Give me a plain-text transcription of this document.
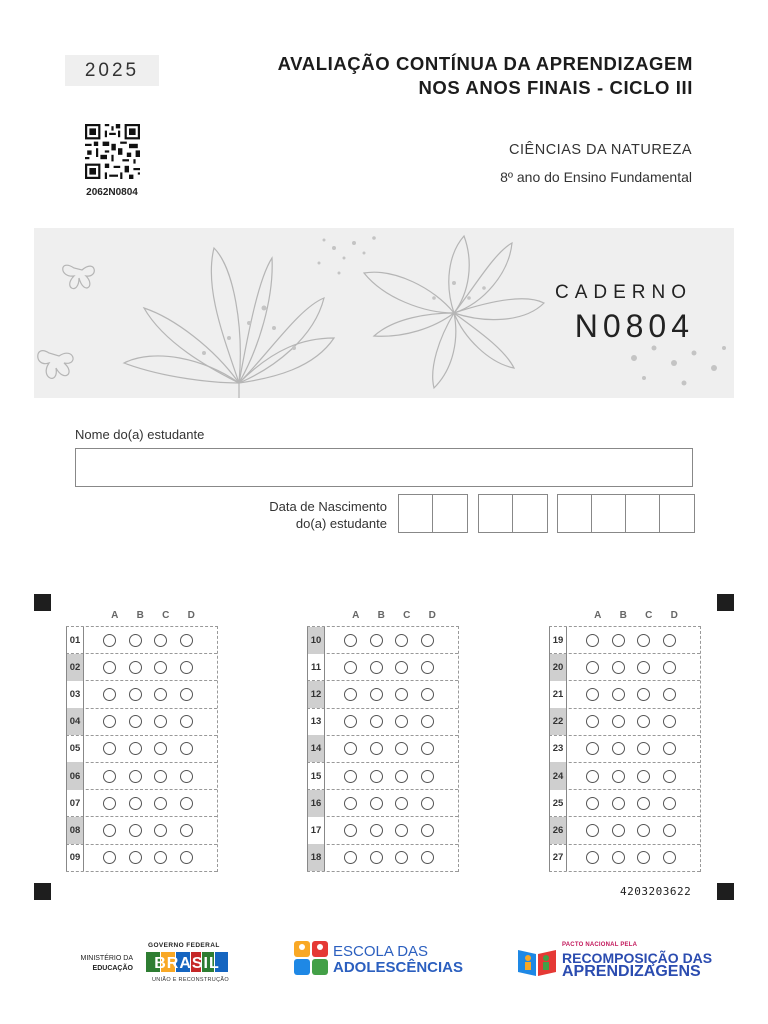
2025	AVALIAÇÃO CONTÍNUA DA APRENDIZAGEM
NOS ANOS FINAIS - CICLO III
2062N0804
CIÊNCIAS DA NATUREZA
8º ano do Ensino Fundamental
CADERNO
N0804
Nome do(a) estudante
Data de Nascimento
do(a) estudante
A	B	C	D
01
02
03
04
05
06
07
08
09
A	B	C	D
10
11
12
13
14
15
16
17
18
A	B	C	D
19
20
21
22
23
24
25
26
27
4203203622
MINISTÉRIO DA
EDUCAÇÃO
GOVERNO FEDERAL
BRASIL
UNIÃO E RECONSTRUÇÃO
ESCOLA DAS
ADOLESCÊNCIAS
PACTO NACIONAL PELA
RECOMPOSIÇÃO DAS
APRENDIZAGENS
